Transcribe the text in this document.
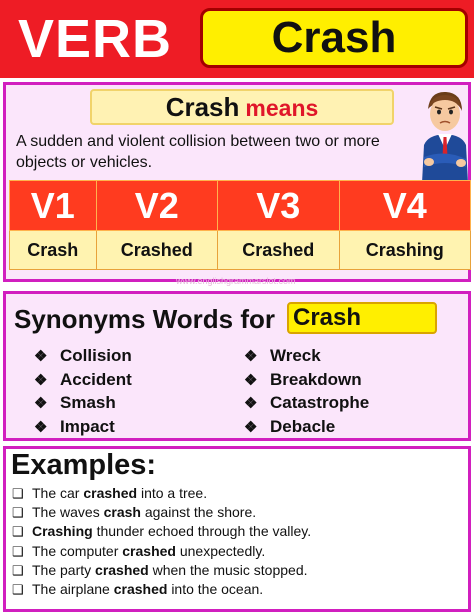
VERB	Crash
Crash means
A sudden and violent collision between two or more objects or vehicles.
V1	V2	V3	V4
Crash	Crashed	Crashed	Crashing
www.englishgrammarslot.com
Synonyms Words for Crash
❖ Collision
❖ Accident
❖ Smash
❖ Impact
❖ Wreck
❖ Breakdown
❖ Catastrophe
❖ Debacle
Examples:
❑ The car crashed into a tree.
❑ The waves crash against the shore.
❑ Crashing thunder echoed through the valley.
❑ The computer crashed unexpectedly.
❑ The party crashed when the music stopped.
❑ The airplane crashed into the ocean.
